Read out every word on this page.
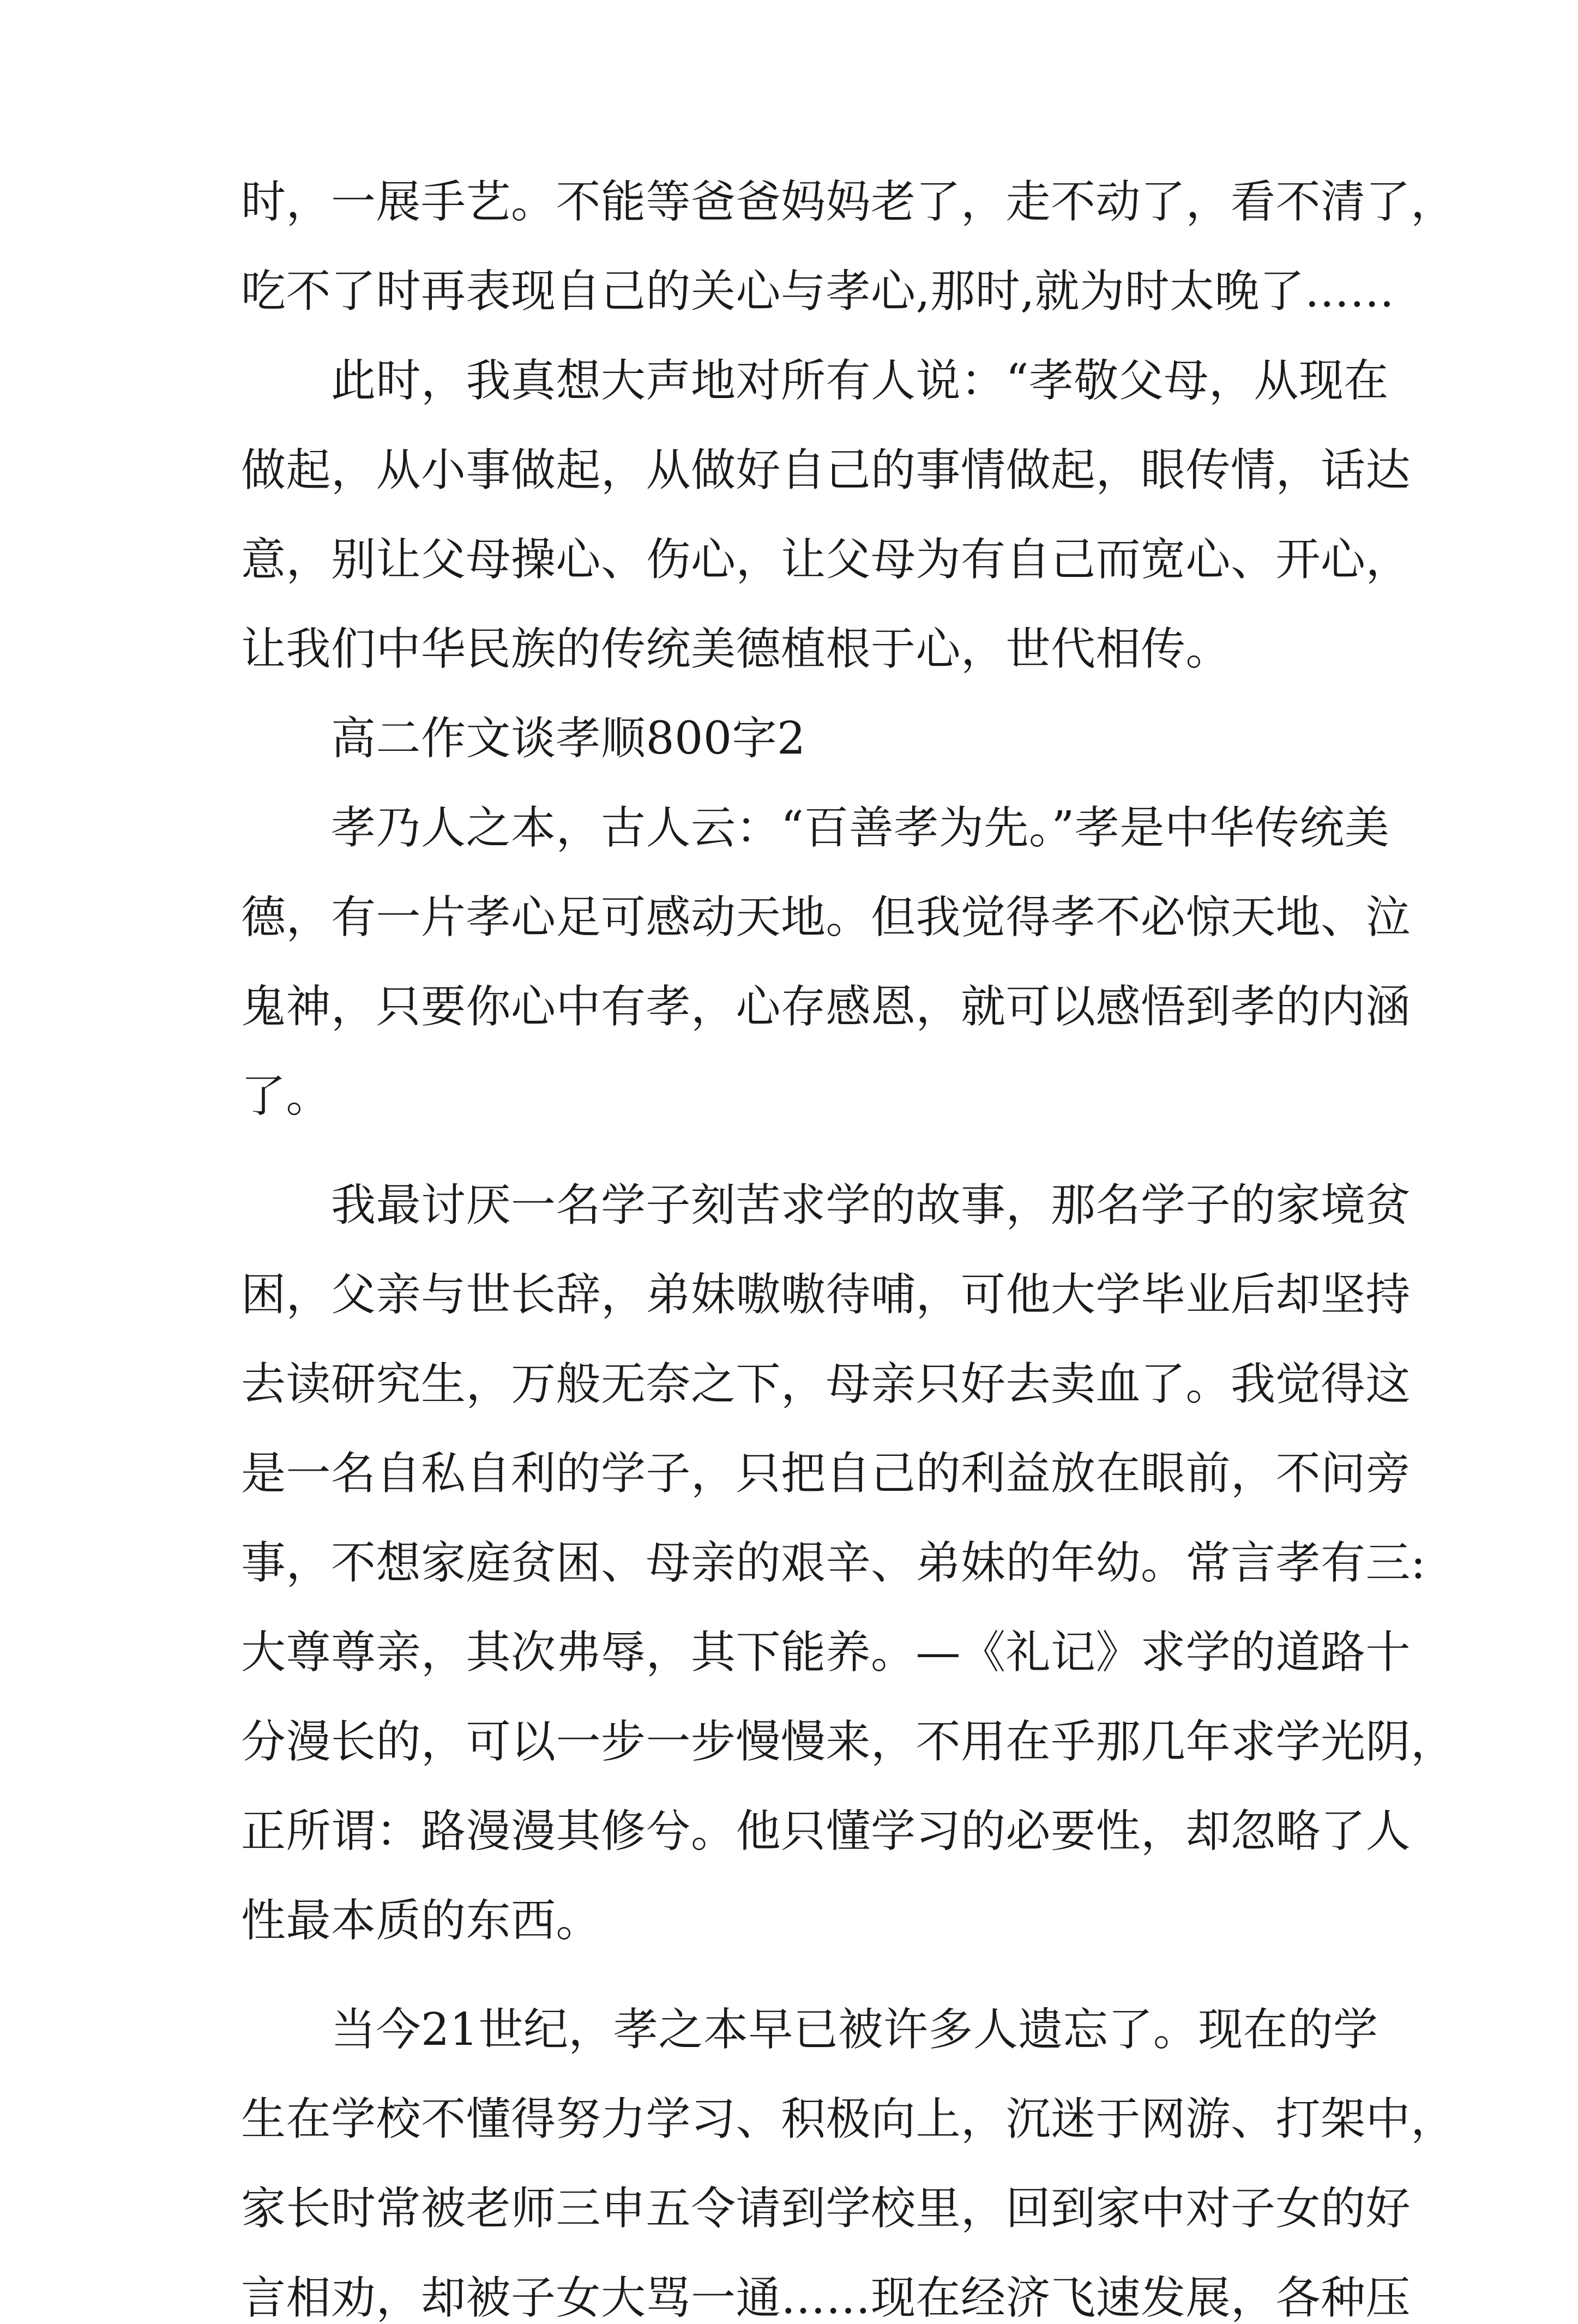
时，一展手艺。不能等爸爸妈妈老了，走不动了，看不清了，
吃不了时再表现自己的关心与孝心,那时,就为时太晚了……
此时，我真想大声地对所有人说：“孝敬父母，从现在
做起，从小事做起，从做好自己的事情做起，眼传情，话达
意，别让父母操心、伤心，让父母为有自己而宽心、开心，
让我们中华民族的传统美德植根于心，世代相传。
高二作文谈孝顺800字2
孝乃人之本，古人云：“百善孝为先。”孝是中华传统美
德，有一片孝心足可感动天地。但我觉得孝不必惊天地、泣
鬼神，只要你心中有孝，心存感恩，就可以感悟到孝的内涵
了。
我最讨厌一名学子刻苦求学的故事，那名学子的家境贫
困，父亲与世长辞，弟妹嗷嗷待哺，可他大学毕业后却坚持
去读研究生，万般无奈之下，母亲只好去卖血了。我觉得这
是一名自私自利的学子，只把自己的利益放在眼前，不问旁
事，不想家庭贫困、母亲的艰辛、弟妹的年幼。常言孝有三:
大尊尊亲，其次弗辱，其下能养。—《礼记》求学的道路十
分漫长的，可以一步一步慢慢来，不用在乎那几年求学光阴，
正所谓：路漫漫其修兮。他只懂学习的必要性，却忽略了人
性最本质的东西。
当今21世纪，孝之本早已被许多人遗忘了。现在的学
生在学校不懂得努力学习、积极向上，沉迷于网游、打架中，
家长时常被老师三申五令请到学校里，回到家中对子女的好
言相劝，却被子女大骂一通……现在经济飞速发展，各种压
